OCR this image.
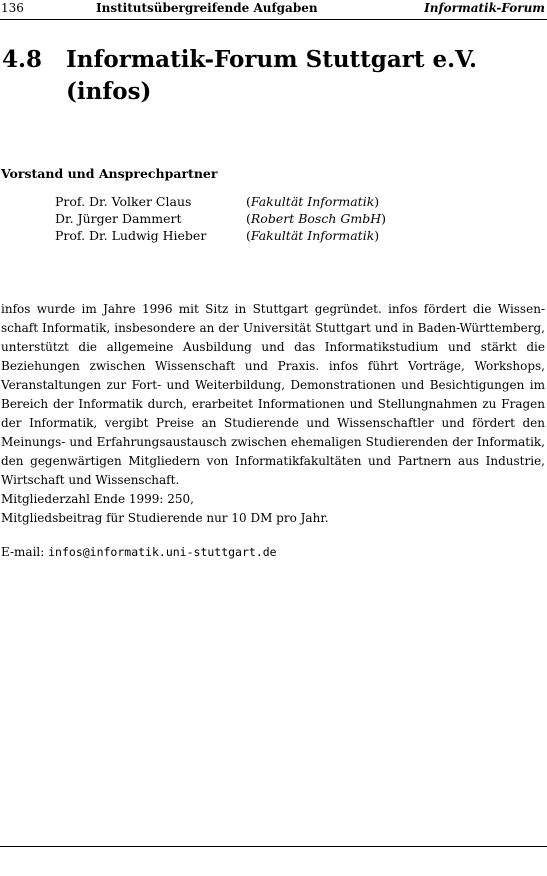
136	Institutsübergreifende Aufgaben	Informatik-Forum
4.8 Informatik-Forum Stuttgart e.V. (infos)
Vorstand und Ansprechpartner
Prof. Dr. Volker Claus	(Fakultät Informatik)
Dr. Jürger Dammert	(Robert Bosch GmbH)
Prof. Dr. Ludwig Hieber	(Fakultät Informatik)

infos wurde im Jahre 1996 mit Sitz in Stuttgart gegründet. infos fördert die Wissenschaft Informatik, insbesondere an der Universität Stuttgart und in Baden-Württemberg, unterstützt die allgemeine Ausbildung und das Informatikstudium und stärkt die Beziehungen zwischen Wissenschaft und Praxis. infos führt Vorträge, Workshops, Veranstaltungen zur Fort- und Weiterbildung, Demonstrationen und Besichtigungen im Bereich der Informatik durch, erarbeitet Informationen und Stellungnahmen zu Fragen der Informatik, vergibt Preise an Studierende und Wissenschaftler und fördert den Meinungs- und Erfahrungsaustausch zwischen ehemaligen Studierenden der Informatik, den gegenwärtigen Mitgliedern von Informatikfakultäten und Partnern aus Industrie, Wirtschaft und Wissenschaft.

Mitgliederzahl Ende 1999: 250,
Mitgliedsbeitrag für Studierende nur 10 DM pro Jahr.
E-mail: infos@informatik.uni-stuttgart.de
